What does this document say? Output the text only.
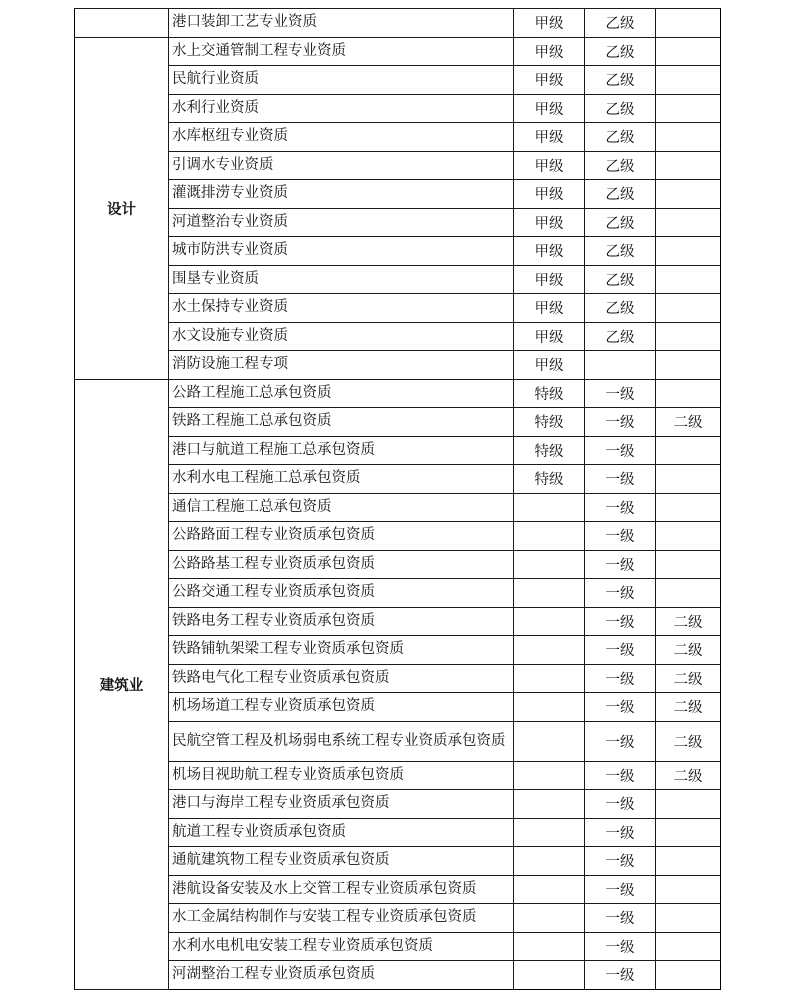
	港口装卸工艺专业资质	甲级	乙级	
设计	水上交通管制工程专业资质	甲级	乙级	
	民航行业资质	甲级	乙级	
	水利行业资质	甲级	乙级	
	水库枢纽专业资质	甲级	乙级	
	引调水专业资质	甲级	乙级	
	灌溉排涝专业资质	甲级	乙级	
	河道整治专业资质	甲级	乙级	
	城市防洪专业资质	甲级	乙级	
	围垦专业资质	甲级	乙级	
	水土保持专业资质	甲级	乙级	
	水文设施专业资质	甲级	乙级	
	消防设施工程专项	甲级		
建筑业	公路工程施工总承包资质	特级	一级	
	铁路工程施工总承包资质	特级	一级	二级
	港口与航道工程施工总承包资质	特级	一级	
	水利水电工程施工总承包资质	特级	一级	
	通信工程施工总承包资质		一级	
	公路路面工程专业资质承包资质		一级	
	公路路基工程专业资质承包资质		一级	
	公路交通工程专业资质承包资质		一级	
	铁路电务工程专业资质承包资质		一级	二级
	铁路铺轨架梁工程专业资质承包资质		一级	二级
	铁路电气化工程专业资质承包资质		一级	二级
	机场场道工程专业资质承包资质		一级	二级
	民航空管工程及机场弱电系统工程专业资质承包资质		一级	二级
	机场目视助航工程专业资质承包资质		一级	二级
	港口与海岸工程专业资质承包资质		一级	
	航道工程专业资质承包资质		一级	
	通航建筑物工程专业资质承包资质		一级	
	港航设备安装及水上交管工程专业资质承包资质		一级	
	水工金属结构制作与安装工程专业资质承包资质		一级	
	水利水电机电安装工程专业资质承包资质		一级	
	河湖整治工程专业资质承包资质		一级	
